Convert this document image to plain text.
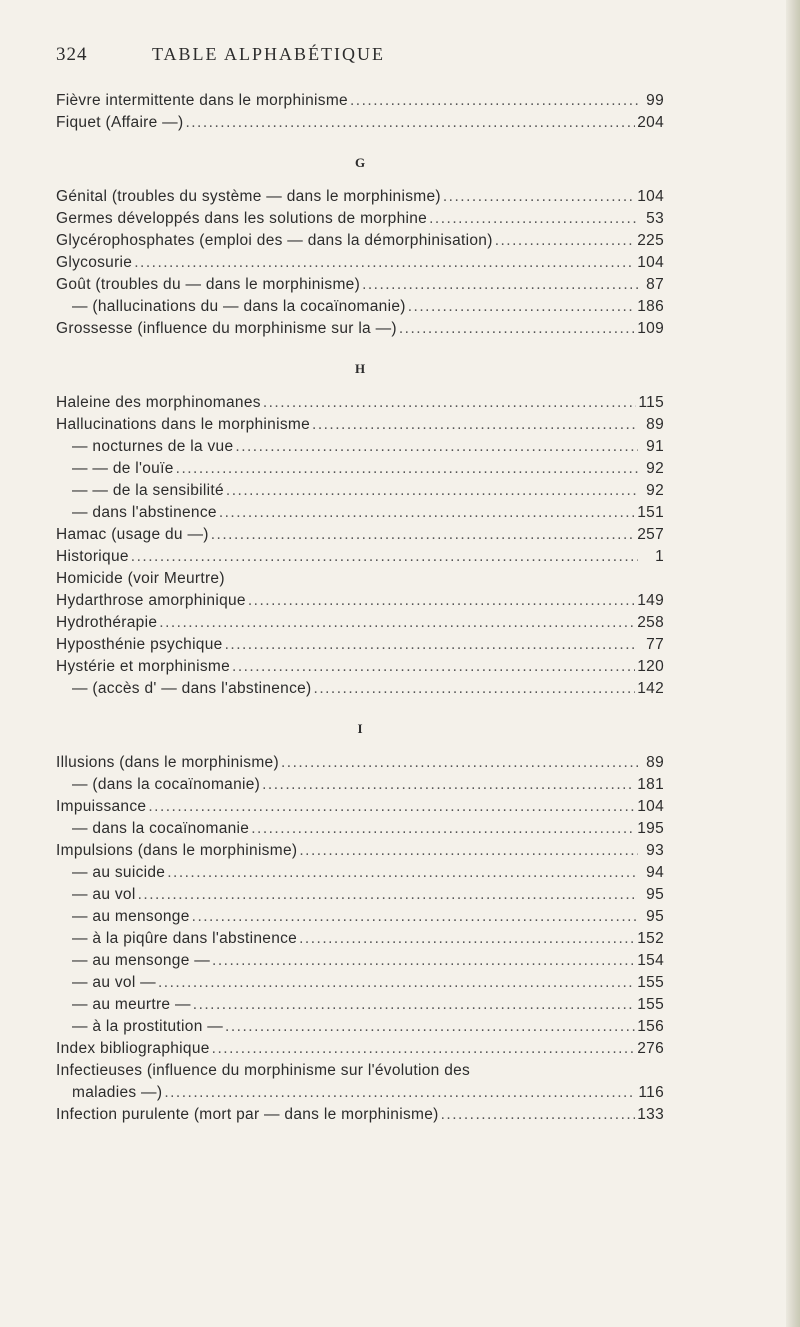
324	TABLE ALPHABÉTIQUE
Fièvre intermittente dans le morphinisme .....	99
Fiquet (Affaire —) .....	204
G
Génital (troubles du système — dans le morphinisme) .....	104
Germes développés dans les solutions de morphine .....	53
Glycérophosphates (emploi des — dans la démorphinisation) .....	225
Glycosurie .....	104
Goût (troubles du — dans le morphinisme) .....	87
— (hallucinations du — dans la cocaïnomanie) .....	186
Grossesse (influence du morphinisme sur la —) .....	109
H
Haleine des morphinomanes .....	115
Hallucinations dans le morphinisme .....	89
— nocturnes de la vue .....	91
— — de l'ouïe .....	92
— — de la sensibilité .....	92
— dans l'abstinence .....	151
Hamac (usage du —) .....	257
Historique .....	1
Homicide (voir Meurtre)
Hydarthrose amorphinique .....	149
Hydrothérapie .....	258
Hyposthénie psychique .....	77
Hystérie et morphinisme .....	120
— (accès d' — dans l'abstinence) .....	142
I
Illusions (dans le morphinisme) .....	89
— (dans la cocaïnomanie) .....	181
Impuissance .....	104
— dans la cocaïnomanie .....	195
Impulsions (dans le morphinisme) .....	93
— au suicide .....	94
— au vol .....	95
— au mensonge .....	95
— à la piqûre dans l'abstinence .....	152
— au mensonge — .....	154
— au vol — .....	155
— au meurtre — .....	155
— à la prostitution — .....	156
Index bibliographique .....	276
Infectieuses (influence du morphinisme sur l'évolution des
maladies —) .....	116
Infection purulente (mort par — dans le morphinisme) .....	133
